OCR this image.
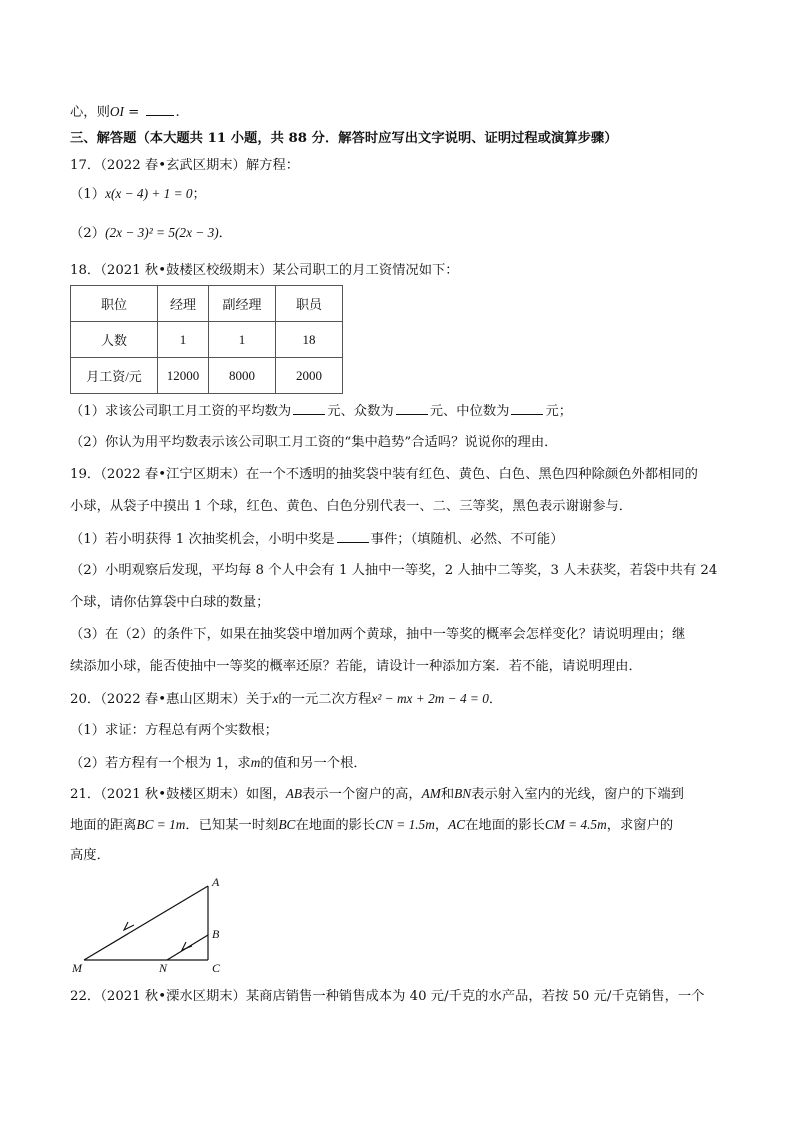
心，则OI = .
三、解答题（本大题共 11 小题，共 88 分．解答时应写出文字说明、证明过程或演算步骤）
17．（2022 春•玄武区期末）解方程：
（1）x(x − 4) + 1 = 0；
（2）(2x − 3)² = 5(2x − 3)．
18．（2021 秋•鼓楼区校级期末）某公司职工的月工资情况如下：
职位	经理	副经理	职员
人数	1	1	18
月工资/元	12000	8000	2000
（1）求该公司职工月工资的平均数为	元、众数为	元、中位数为	元；
（2）你认为用平均数表示该公司职工月工资的“集中趋势”合适吗？说说你的理由．
19．（2022 春•江宁区期末）在一个不透明的抽奖袋中装有红色、黄色、白色、黑色四种除颜色外都相同的
小球，从袋子中摸出 1 个球，红色、黄色、白色分别代表一、二、三等奖，黑色表示谢谢参与．
（1）若小明获得 1 次抽奖机会，小明中奖是	事件；（填随机、必然、不可能）
（2）小明观察后发现，平均每 8 个人中会有 1 人抽中一等奖，2 人抽中二等奖，3 人未获奖，若袋中共有 24
个球，请你估算袋中白球的数量；
（3）在（2）的条件下，如果在抽奖袋中增加两个黄球，抽中一等奖的概率会怎样变化？请说明理由；继
续添加小球，能否使抽中一等奖的概率还原？若能，请设计一种添加方案．若不能，请说明理由．
20．（2022 春•惠山区期末）关于x的一元二次方程x² − mx + 2m − 4 = 0．
（1）求证：方程总有两个实数根；
（2）若方程有一个根为 1，求m的值和另一个根．
21．（2021 秋•鼓楼区期末）如图，AB表示一个窗户的高，AM和BN表示射入室内的光线，窗户的下端到
地面的距离BC = 1m．已知某一时刻BC在地面的影长CN = 1.5m，AC在地面的影长CM = 4.5m，求窗户的
高度．
A
B
C
M	N
22．（2021 秋•溧水区期末）某商店销售一种销售成本为 40 元/千克的水产品，若按 50 元/千克销售，一个
